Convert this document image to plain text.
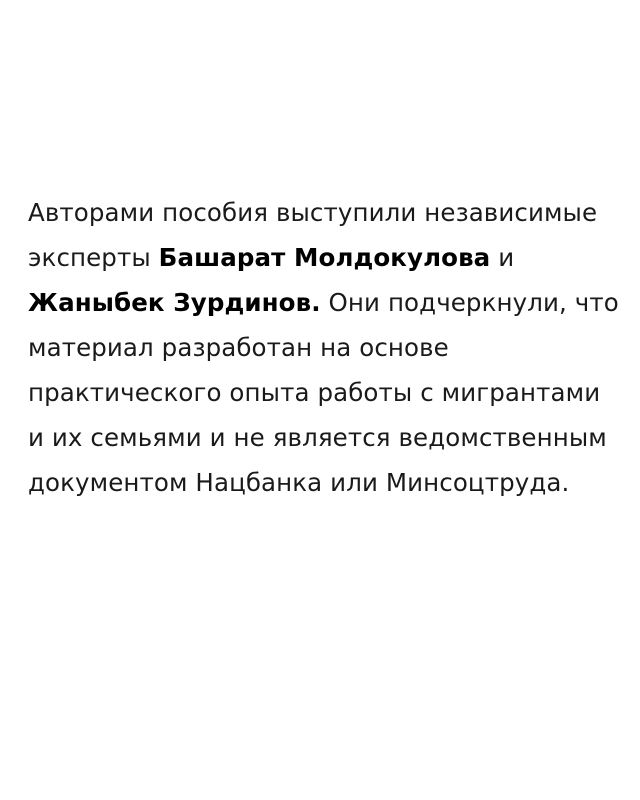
Авторами пособия выступили независимые эксперты Башарат Молдокулова и Жаныбек Зурдинов. Они подчеркнули, что материал разработан на основе практического опыта работы с мигрантами и их семьями и не является ведомственным документом Нацбанка или Минсоцтруда.
